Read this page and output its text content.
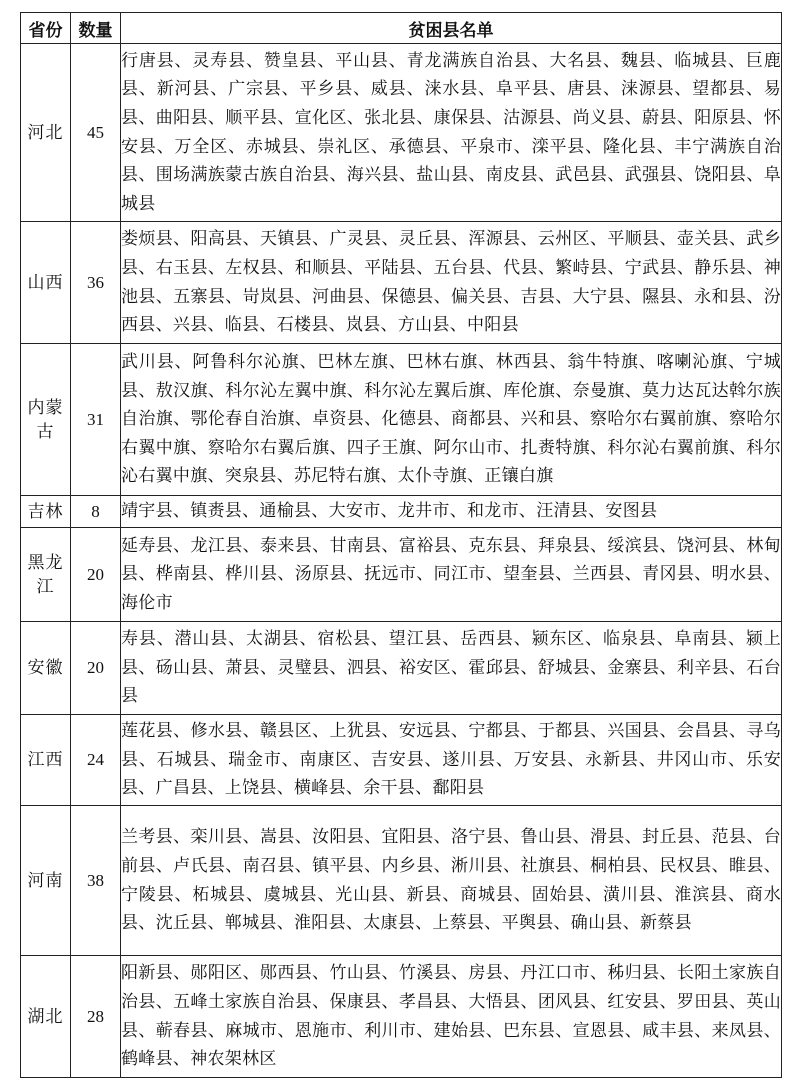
省份	数量	贫困县名单
河北	45	行唐县、灵寿县、赞皇县、平山县、青龙满族自治县、大名县、魏县、临城县、巨鹿县、新河县、广宗县、平乡县、威县、涞水县、阜平县、唐县、涞源县、望都县、易县、曲阳县、顺平县、宣化区、张北县、康保县、沽源县、尚义县、蔚县、阳原县、怀安县、万全区、赤城县、崇礼区、承德县、平泉市、滦平县、隆化县、丰宁满族自治县、围场满族蒙古族自治县、海兴县、盐山县、南皮县、武邑县、武强县、饶阳县、阜城县
山西	36	娄烦县、阳高县、天镇县、广灵县、灵丘县、浑源县、云州区、平顺县、壶关县、武乡县、右玉县、左权县、和顺县、平陆县、五台县、代县、繁峙县、宁武县、静乐县、神池县、五寨县、岢岚县、河曲县、保德县、偏关县、吉县、大宁县、隰县、永和县、汾西县、兴县、临县、石楼县、岚县、方山县、中阳县
内蒙古	31	武川县、阿鲁科尔沁旗、巴林左旗、巴林右旗、林西县、翁牛特旗、喀喇沁旗、宁城县、敖汉旗、科尔沁左翼中旗、科尔沁左翼后旗、库伦旗、奈曼旗、莫力达瓦达斡尔族自治旗、鄂伦春自治旗、卓资县、化德县、商都县、兴和县、察哈尔右翼前旗、察哈尔右翼中旗、察哈尔右翼后旗、四子王旗、阿尔山市、扎赉特旗、科尔沁右翼前旗、科尔沁右翼中旗、突泉县、苏尼特右旗、太仆寺旗、正镶白旗
吉林	8	靖宇县、镇赉县、通榆县、大安市、龙井市、和龙市、汪清县、安图县
黑龙江	20	延寿县、龙江县、泰来县、甘南县、富裕县、克东县、拜泉县、绥滨县、饶河县、林甸县、桦南县、桦川县、汤原县、抚远市、同江市、望奎县、兰西县、青冈县、明水县、海伦市
安徽	20	寿县、潜山县、太湖县、宿松县、望江县、岳西县、颍东区、临泉县、阜南县、颍上县、砀山县、萧县、灵璧县、泗县、裕安区、霍邱县、舒城县、金寨县、利辛县、石台县
江西	24	莲花县、修水县、赣县区、上犹县、安远县、宁都县、于都县、兴国县、会昌县、寻乌县、石城县、瑞金市、南康区、吉安县、遂川县、万安县、永新县、井冈山市、乐安县、广昌县、上饶县、横峰县、余干县、鄱阳县
河南	38	兰考县、栾川县、嵩县、汝阳县、宜阳县、洛宁县、鲁山县、滑县、封丘县、范县、台前县、卢氏县、南召县、镇平县、内乡县、淅川县、社旗县、桐柏县、民权县、睢县、宁陵县、柘城县、虞城县、光山县、新县、商城县、固始县、潢川县、淮滨县、商水县、沈丘县、郸城县、淮阳县、太康县、上蔡县、平舆县、确山县、新蔡县
湖北	28	阳新县、郧阳区、郧西县、竹山县、竹溪县、房县、丹江口市、秭归县、长阳土家族自治县、五峰土家族自治县、保康县、孝昌县、大悟县、团风县、红安县、罗田县、英山县、蕲春县、麻城市、恩施市、利川市、建始县、巴东县、宣恩县、咸丰县、来凤县、鹤峰县、神农架林区
